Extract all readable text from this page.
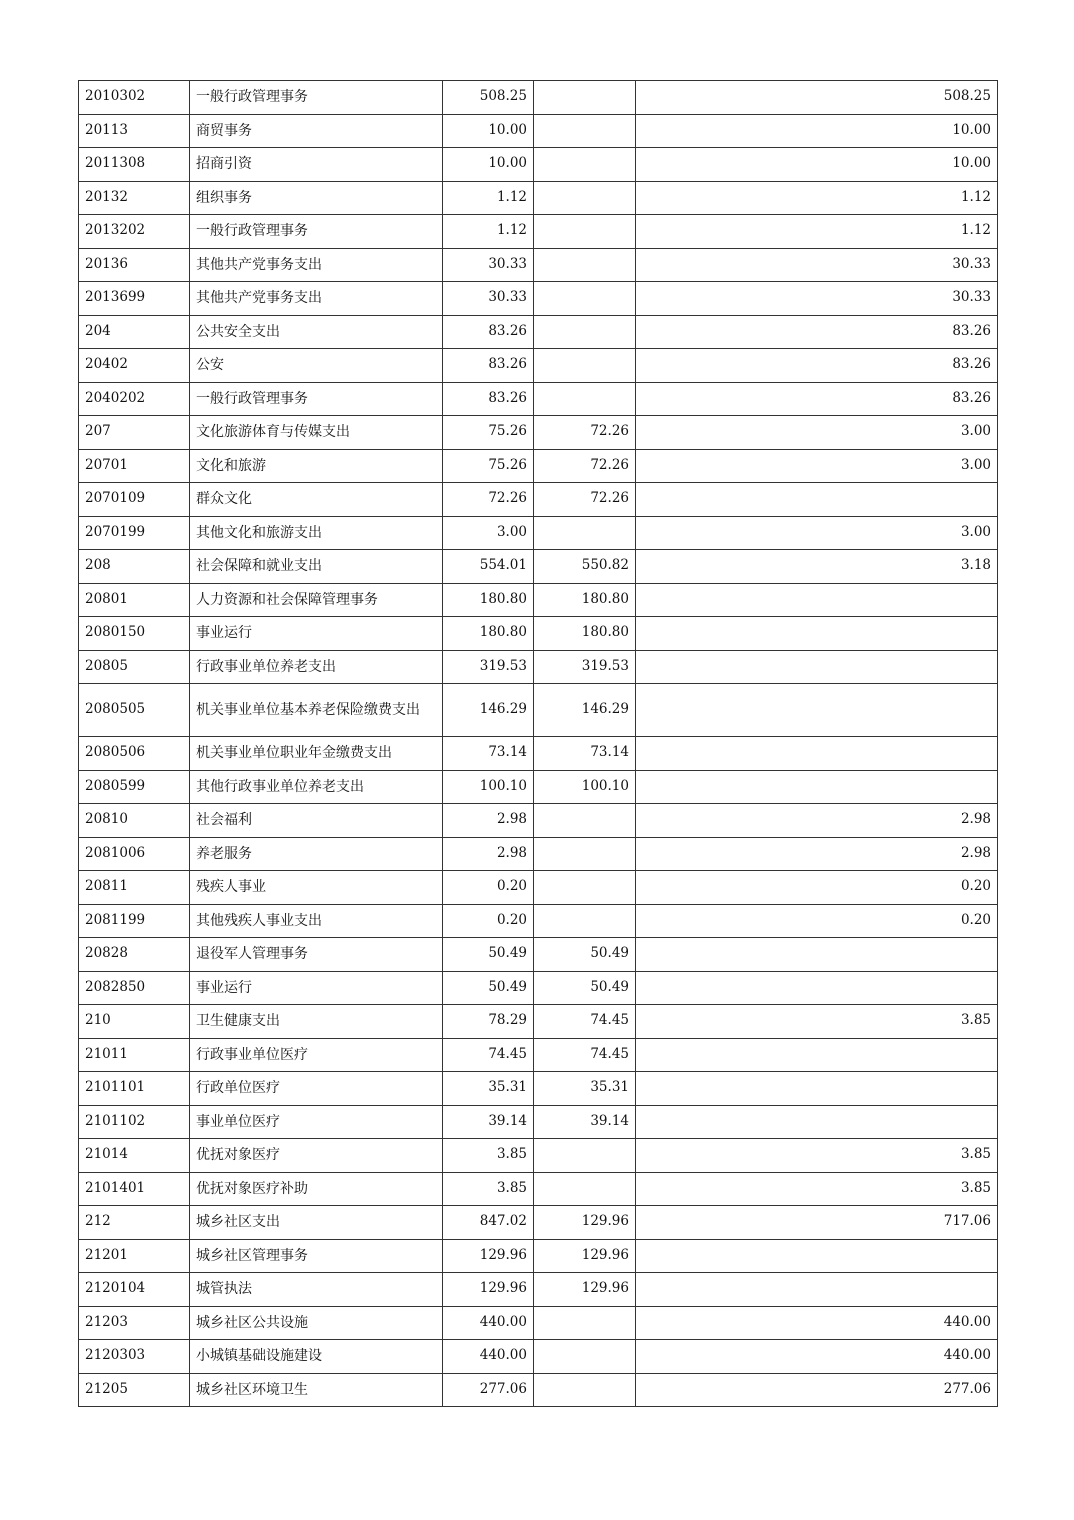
2010302	一般行政管理事务	508.25		508.25
20113	商贸事务	10.00		10.00
2011308	招商引资	10.00		10.00
20132	组织事务	1.12		1.12
2013202	一般行政管理事务	1.12		1.12
20136	其他共产党事务支出	30.33		30.33
2013699	其他共产党事务支出	30.33		30.33
204	公共安全支出	83.26		83.26
20402	公安	83.26		83.26
2040202	一般行政管理事务	83.26		83.26
207	文化旅游体育与传媒支出	75.26	72.26	3.00
20701	文化和旅游	75.26	72.26	3.00
2070109	群众文化	72.26	72.26	
2070199	其他文化和旅游支出	3.00		3.00
208	社会保障和就业支出	554.01	550.82	3.18
20801	人力资源和社会保障管理事务	180.80	180.80	
2080150	事业运行	180.80	180.80	
20805	行政事业单位养老支出	319.53	319.53	
2080505	机关事业单位基本养老保险缴费支出	146.29	146.29	
2080506	机关事业单位职业年金缴费支出	73.14	73.14	
2080599	其他行政事业单位养老支出	100.10	100.10	
20810	社会福利	2.98		2.98
2081006	养老服务	2.98		2.98
20811	残疾人事业	0.20		0.20
2081199	其他残疾人事业支出	0.20		0.20
20828	退役军人管理事务	50.49	50.49	
2082850	事业运行	50.49	50.49	
210	卫生健康支出	78.29	74.45	3.85
21011	行政事业单位医疗	74.45	74.45	
2101101	行政单位医疗	35.31	35.31	
2101102	事业单位医疗	39.14	39.14	
21014	优抚对象医疗	3.85		3.85
2101401	优抚对象医疗补助	3.85		3.85
212	城乡社区支出	847.02	129.96	717.06
21201	城乡社区管理事务	129.96	129.96	
2120104	城管执法	129.96	129.96	
21203	城乡社区公共设施	440.00		440.00
2120303	小城镇基础设施建设	440.00		440.00
21205	城乡社区环境卫生	277.06		277.06
